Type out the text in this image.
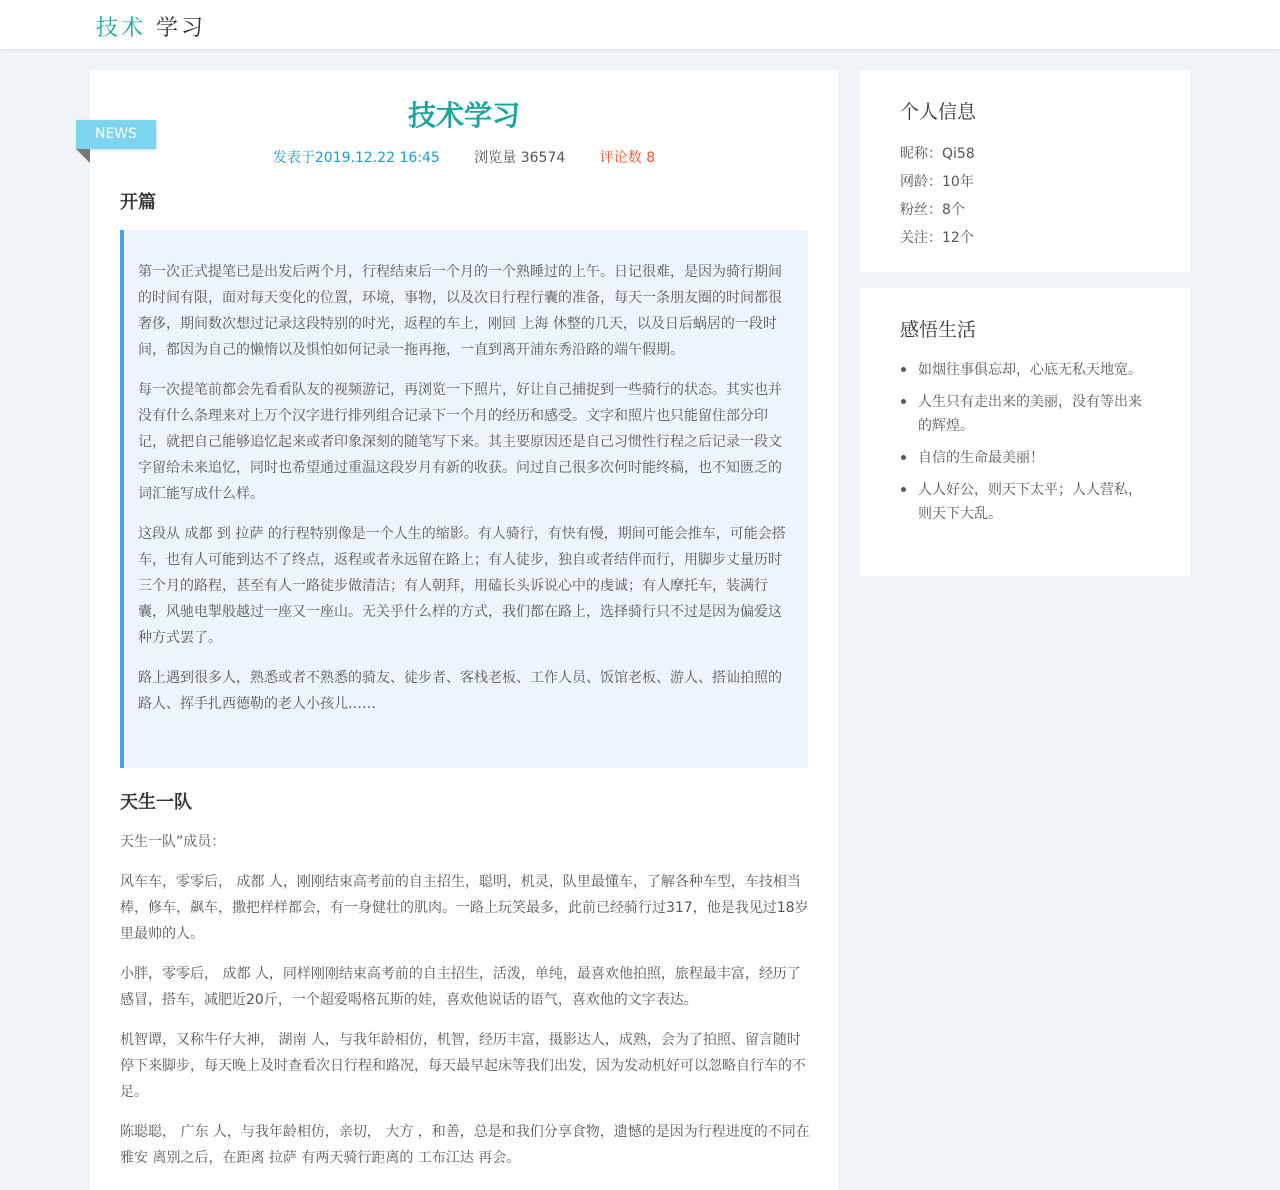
技术 学习
NEWS
技术学习
发表于2019.12.22 16:45 浏览量 36574 评论数 8
开篇

第一次正式提笔已是出发后两个月，行程结束后一个月的一个熟睡过的上午。日记很难，是因为骑行期间的时间有限，面对每天变化的位置，环境，事物，以及次日行程行囊的准备，每天一条朋友圈的时间都很奢侈，期间数次想过记录这段特别的时光，返程的车上，刚回 上海 休整的几天，以及日后蜗居的一段时间，都因为自己的懒惰以及惧怕如何记录一拖再拖，一直到离开浦东秀沿路的端午假期。

每一次提笔前都会先看看队友的视频游记，再浏览一下照片，好让自己捕捉到一些骑行的状态。其实也并没有什么条理来对上万个汉字进行排列组合记录下一个月的经历和感受。文字和照片也只能留住部分印记，就把自己能够追忆起来或者印象深刻的随笔写下来。其主要原因还是自己习惯性行程之后记录一段文字留给未来追忆，同时也希望通过重温这段岁月有新的收获。问过自己很多次何时能终稿，也不知匮乏的词汇能写成什么样。

这段从 成都 到 拉萨 的行程特别像是一个人生的缩影。有人骑行，有快有慢，期间可能会推车，可能会搭车，也有人可能到达不了终点，返程或者永远留在路上；有人徒步，独自或者结伴而行，用脚步丈量历时三个月的路程，甚至有人一路徒步做清洁；有人朝拜，用磕长头诉说心中的虔诚；有人摩托车，装满行囊，风驰电掣般越过一座又一座山。无关乎什么样的方式，我们都在路上，选择骑行只不过是因为偏爱这种方式罢了。

路上遇到很多人，熟悉或者不熟悉的骑友、徒步者、客栈老板、工作人员、饭馆老板、游人、搭讪拍照的路人、挥手扎西德勒的老人小孩儿……

天生一队

天生一队”成员：

风车车，零零后， 成都 人，刚刚结束高考前的自主招生，聪明，机灵，队里最懂车，了解各种车型，车技相当棒，修车，飙车，撒把样样都会，有一身健壮的肌肉。一路上玩笑最多，此前已经骑行过317，他是我见过18岁里最帅的人。

小胖，零零后， 成都 人，同样刚刚结束高考前的自主招生，活泼，单纯，最喜欢他拍照，旅程最丰富，经历了感冒，搭车，减肥近20斤，一个超爱喝格瓦斯的娃，喜欢他说话的语气，喜欢他的文字表达。

机智谭，又称牛仔大神， 湖南 人，与我年龄相仿，机智，经历丰富，摄影达人，成熟，会为了拍照、留言随时停下来脚步，每天晚上及时查看次日行程和路况，每天最早起床等我们出发，因为发动机好可以忽略自行车的不足。

陈聪聪， 广东 人，与我年龄相仿，亲切， 大方 ，和善，总是和我们分享食物，遗憾的是因为行程进度的不同在 雅安 离别之后，在距离 拉萨 有两天骑行距离的 工布江达 再会。

个人信息
昵称：Qi58
网龄：10年
粉丝：8个
关注：12个
感悟生活
如烟往事俱忘却，心底无私天地宽。
人生只有走出来的美丽，没有等出来的辉煌。
自信的生命最美丽！
人人好公，则天下太平；人人营私，则天下大乱。
